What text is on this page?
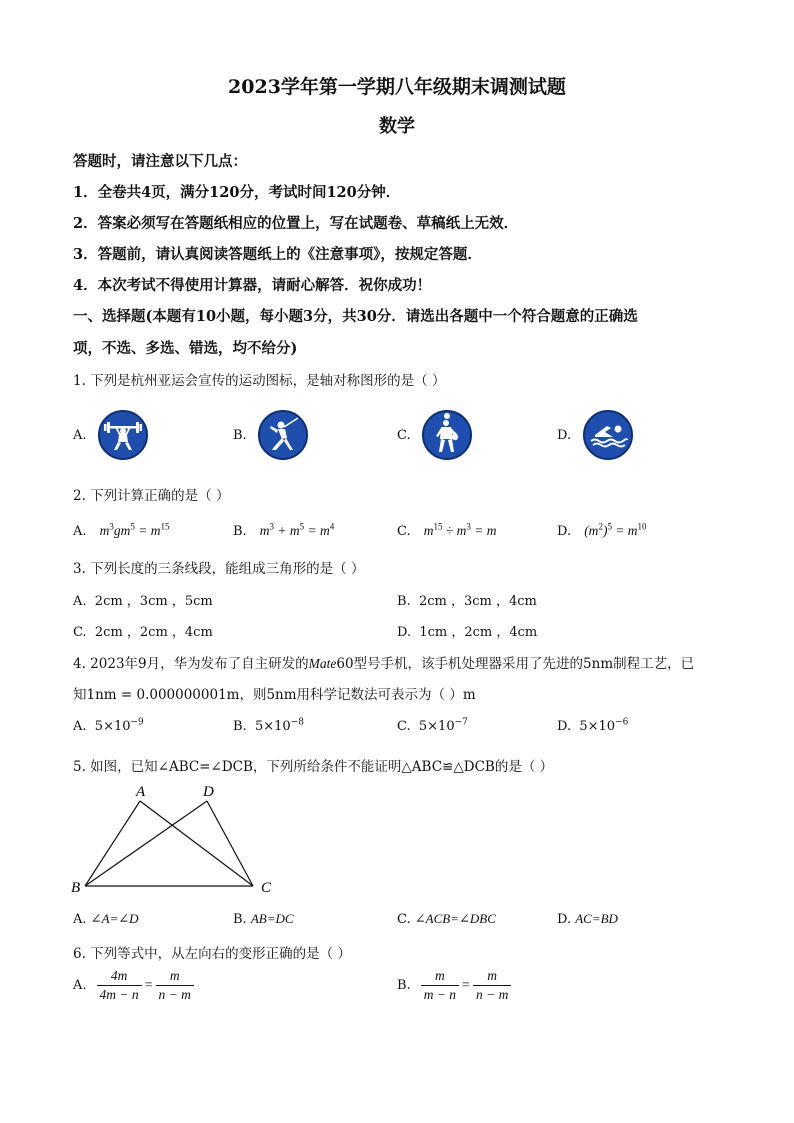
2023学年第一学期八年级期末调测试题
数学
答题时，请注意以下几点：
1．全卷共4页，满分120分，考试时间120分钟．
2．答案必须写在答题纸相应的位置上，写在试题卷、草稿纸上无效．
3．答题前，请认真阅读答题纸上的《注意事项》，按规定答题．
4．本次考试不得使用计算器，请耐心解答．祝你成功！
一、选择题(本题有10小题，每小题3分，共30分．请选出各题中一个符合题意的正确选
项，不选、多选、错选，均不给分)
1. 下列是杭州亚运会宣传的运动图标，是轴对称图形的是（ ）
A.	B.	C.	D.
2. 下列计算正确的是（ ）
A. $m^3gm^5 = m^{15}$	B. $m^3 + m^5 = m^4$	C. $m^{15} \div m^3 = m$	D. $(m^2)^5 = m^{10}$
3. 下列长度的三条线段，能组成三角形的是（ ）
A. 2cm ，3cm ，5cm	B. 2cm ，3cm ，4cm
C. 2cm ，2cm ，4cm	D. 1cm ，2cm ，4cm
4. 2023年9月，华为发布了自主研发的Mate60型号手机，该手机处理器采用了先进的5nm制程工艺，已
知1nm = 0.000000001m，则5nm用科学记数法可表示为（ ）m
A. $5\times 10^{-9}$	B. $5\times 10^{-8}$	C. $5\times 10^{-7}$	D. $5\times 10^{-6}$
5. 如图，已知∠ABC=∠DCB，下列所给条件不能证明△ABC≌△DCB的是（ ）
A	D
B	C
A. ∠A=∠D	B. AB=DC	C. ∠ACB=∠DBC	D. AC=BD
6. 下列等式中，从左向右的变形正确的是（ ）
A. $\frac{4m}{4m - n} = \frac{m}{n - m}$	B. $\frac{m}{m - n} = \frac{m}{n - m}$
